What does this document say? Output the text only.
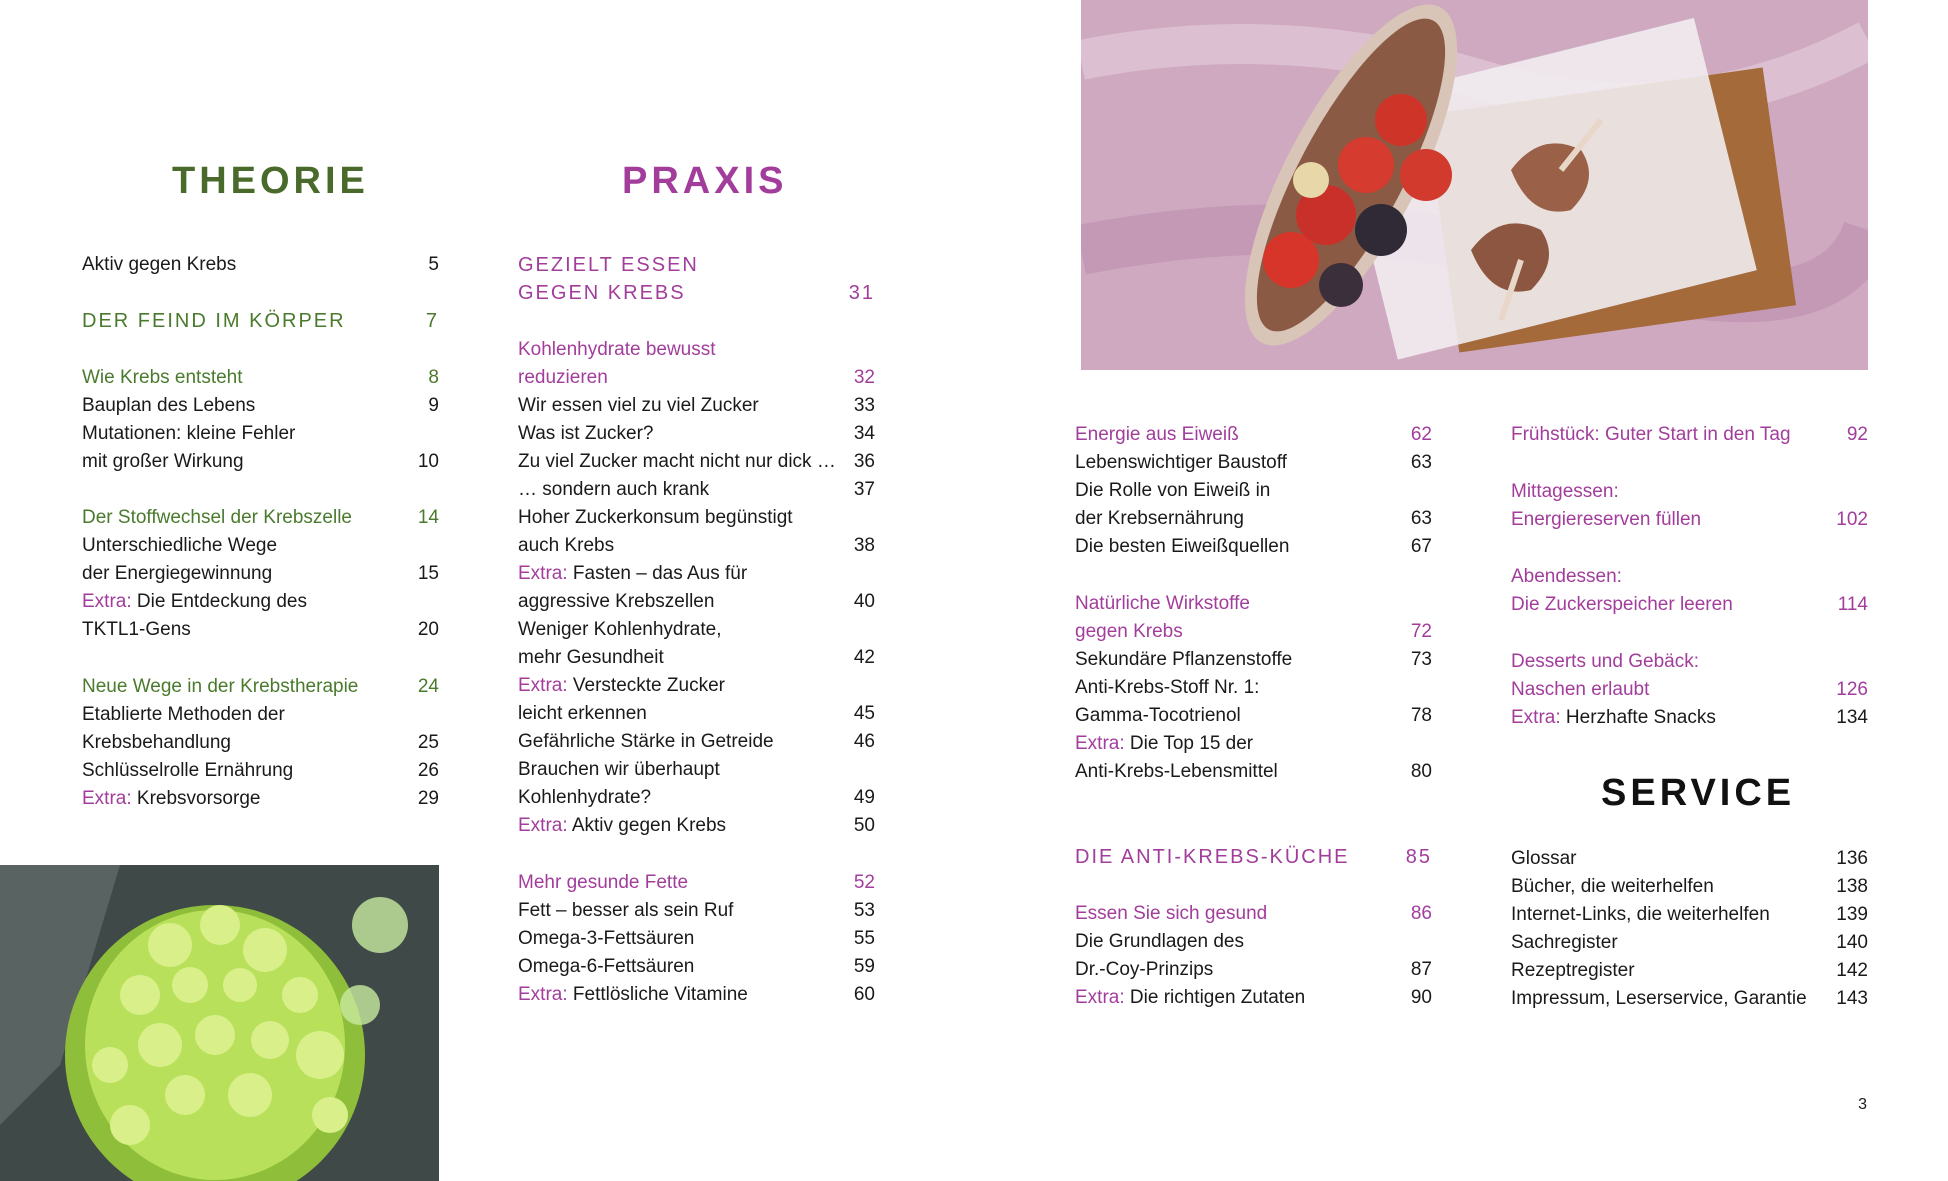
THEORIE	PRAXIS
SERVICE
Aktiv gegen Krebs	5
DER FEIND IM KÖRPER	7
Wie Krebs entsteht	8
Bauplan des Lebens	9
Mutationen: kleine Fehler
mit großer Wirkung	10
Der Stoffwechsel der Krebszelle	14
Unterschiedliche Wege
der Energiegewinnung	15
Extra: Die Entdeckung des
TKTL1-Gens	20
Neue Wege in der Krebstherapie	24
Etablierte Methoden der
Krebsbehandlung	25
Schlüsselrolle Ernährung	26
Extra: Krebsvorsorge	29
GEZIELT ESSEN
GEGEN KREBS	31
Kohlenhydrate bewusst
reduzieren	32
Wir essen viel zu viel Zucker	33
Was ist Zucker?	34
Zu viel Zucker macht nicht nur dick … 36
… sondern auch krank	37
Hoher Zuckerkonsum begünstigt
auch Krebs	38
Extra: Fasten – das Aus für
aggressive Krebszellen	40
Weniger Kohlenhydrate,
mehr Gesundheit	42
Extra: Versteckte Zucker
leicht erkennen	45
Gefährliche Stärke in Getreide	46
Brauchen wir überhaupt
Kohlenhydrate?	49
Extra: Aktiv gegen Krebs	50
Mehr gesunde Fette	52
Fett – besser als sein Ruf	53
Omega-3-Fettsäuren	55
Omega-6-Fettsäuren	59
Extra: Fettlösliche Vitamine	60
Energie aus Eiweiß	62
Lebenswichtiger Baustoff	63
Die Rolle von Eiweiß in
der Krebsernährung	63
Die besten Eiweißquellen	67
Natürliche Wirkstoffe
gegen Krebs	72
Sekundäre Pflanzenstoffe	73
Anti-Krebs-Stoff Nr. 1:
Gamma-Tocotrienol	78
Extra: Die Top 15 der
Anti-Krebs-Lebensmittel	80
DIE ANTI-KREBS-KÜCHE	85
Essen Sie sich gesund	86
Die Grundlagen des
Dr.-Coy-Prinzips	87
Extra: Die richtigen Zutaten	90
Frühstück: Guter Start in den Tag	92
Mittagessen:
Energiereserven füllen	102
Abendessen:
Die Zuckerspeicher leeren	114
Desserts und Gebäck:
Naschen erlaubt	126
Extra: Herzhafte Snacks	134
Glossar	136
Bücher, die weiterhelfen	138
Internet-Links, die weiterhelfen	139
Sachregister	140
Rezeptregister	142
Impressum, Leserservice, Garantie 143
3
